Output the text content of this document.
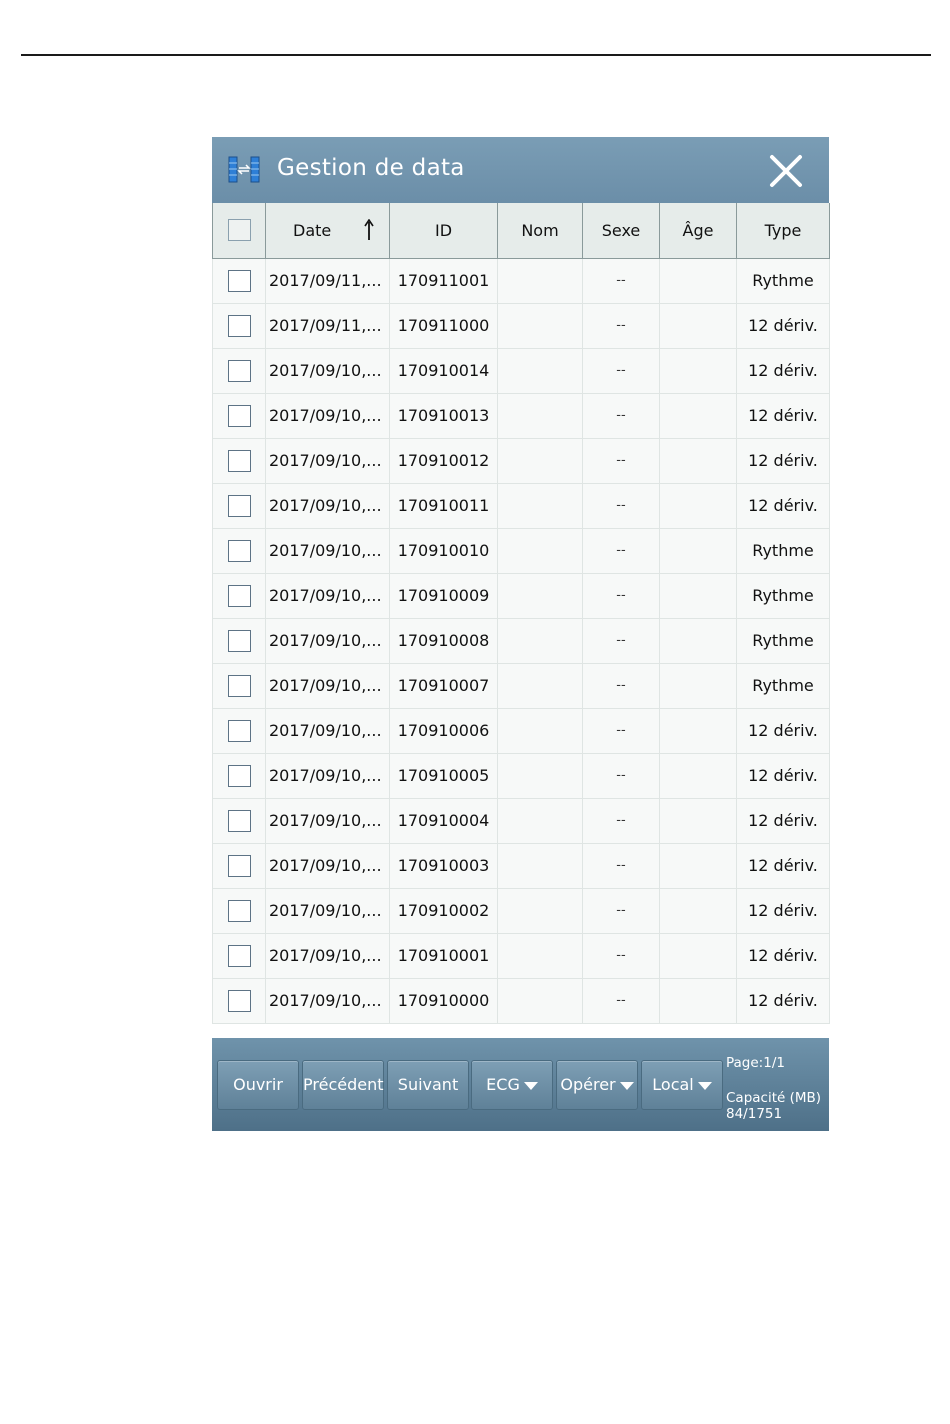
Gestion de data

	Date	ID	Nom	Sexe	Âge	Type
	2017/09/11,...	170911001		--		Rythme
	2017/09/11,...	170911000		--		12 dériv.
	2017/09/10,...	170910014		--		12 dériv.
	2017/09/10,...	170910013		--		12 dériv.
	2017/09/10,...	170910012		--		12 dériv.
	2017/09/10,...	170910011		--		12 dériv.
	2017/09/10,...	170910010		--		Rythme
	2017/09/10,...	170910009		--		Rythme
	2017/09/10,...	170910008		--		Rythme
	2017/09/10,...	170910007		--		Rythme
	2017/09/10,...	170910006		--		12 dériv.
	2017/09/10,...	170910005		--		12 dériv.
	2017/09/10,...	170910004		--		12 dériv.
	2017/09/10,...	170910003		--		12 dériv.
	2017/09/10,...	170910002		--		12 dériv.
	2017/09/10,...	170910001		--		12 dériv.
	2017/09/10,...	170910000		--		12 dériv.
Ouvrir	Précédent Suivant	ECG	Opérer	Local
Page:1/1
Capacité (MB)
84/1751
